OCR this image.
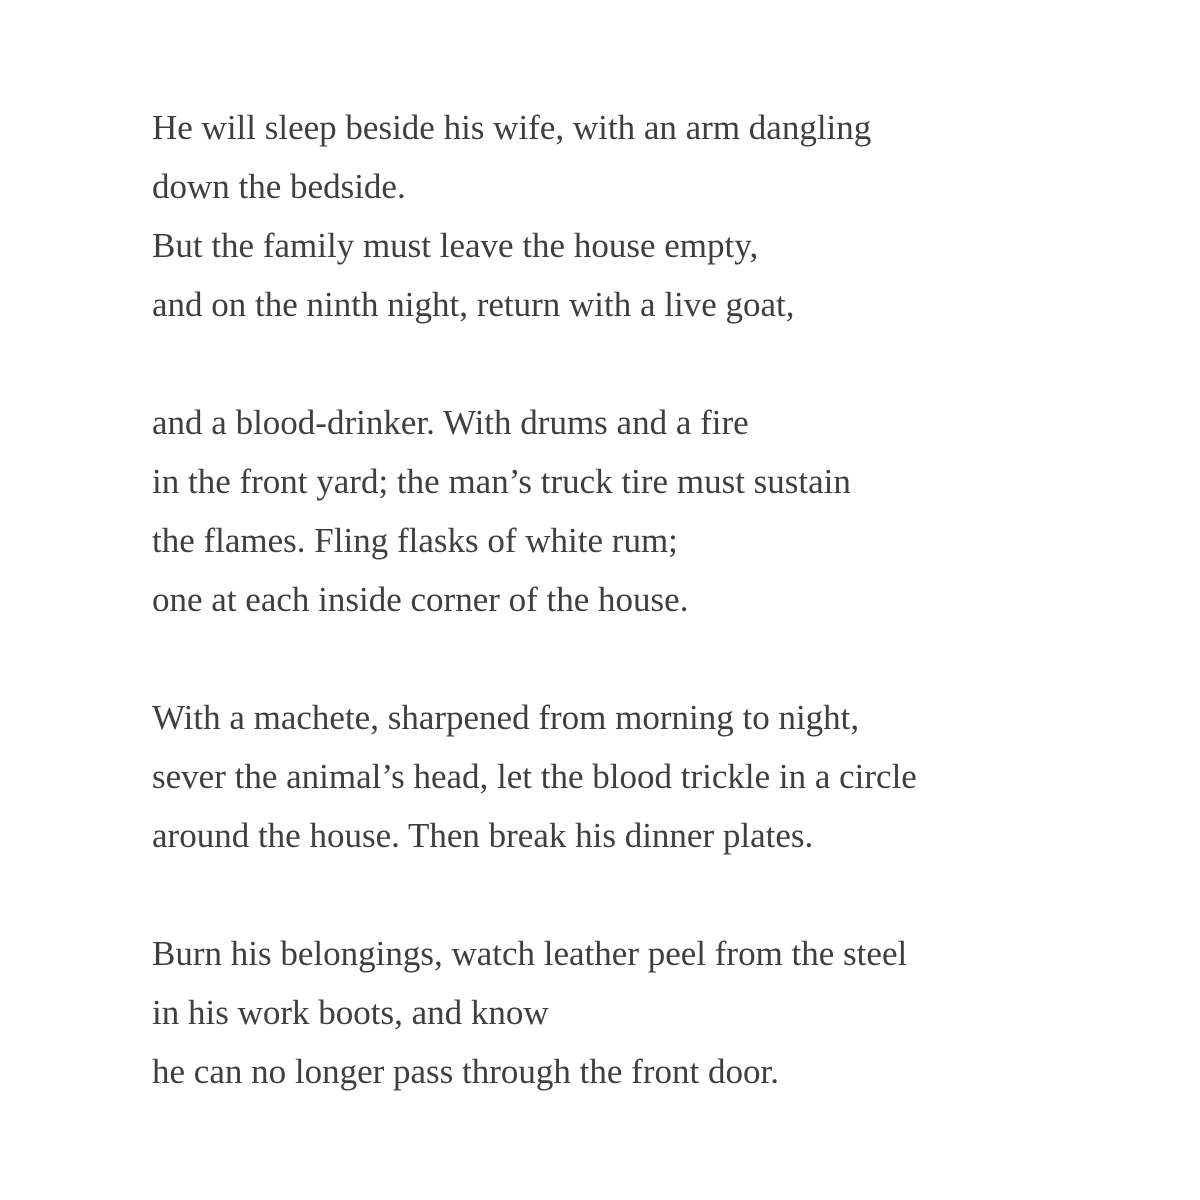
He will sleep beside his wife, with an arm dangling
down the bedside.
But the family must leave the house empty,
and on the ninth night, return with a live goat,
and a blood-drinker. With drums and a fire
in the front yard; the man’s truck tire must sustain
the flames. Fling flasks of white rum;
one at each inside corner of the house.
With a machete, sharpened from morning to night,
sever the animal’s head, let the blood trickle in a circle
around the house. Then break his dinner plates.
Burn his belongings, watch leather peel from the steel
in his work boots, and know
he can no longer pass through the front door.
